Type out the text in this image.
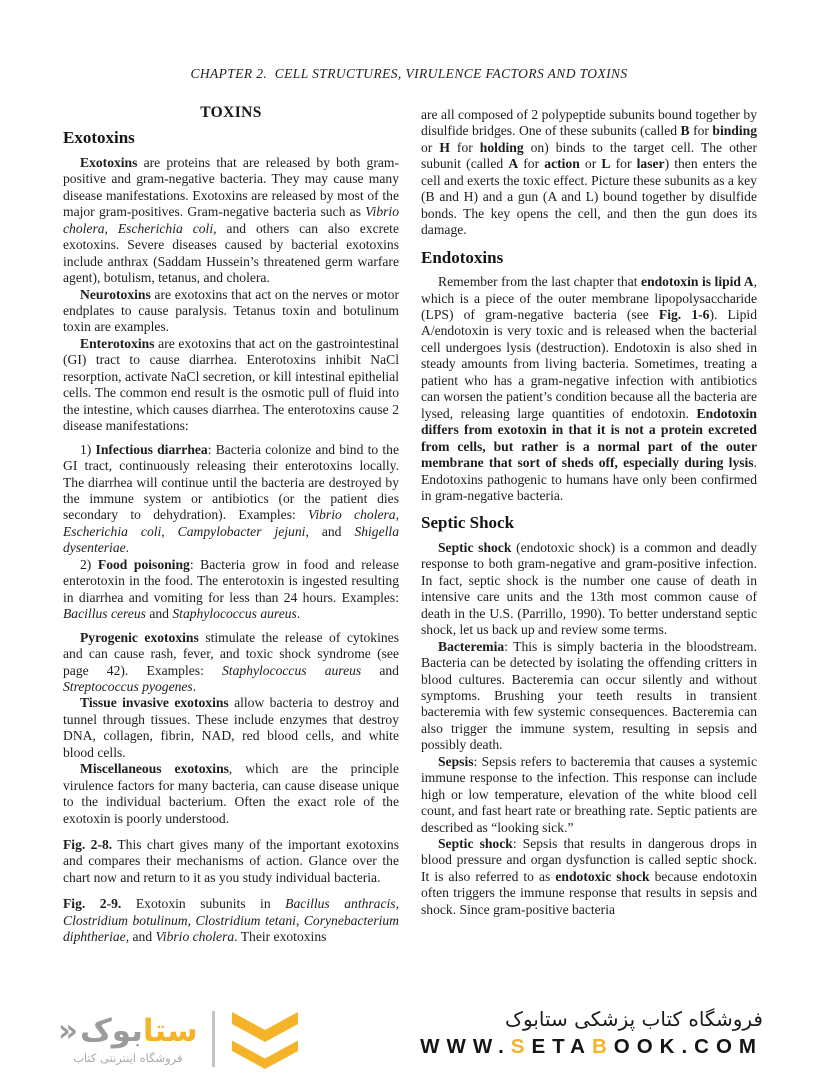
CHAPTER 2.  CELL STRUCTURES, VIRULENCE FACTORS AND TOXINS
TOXINS
Exotoxins

Exotoxins are proteins that are released by both gram-positive and gram-negative bacteria. They may cause many disease manifestations. Exotoxins are released by most of the major gram-positives. Gram-negative bacteria such as Vibrio cholera, Escherichia coli, and others can also excrete exotoxins. Severe diseases caused by bacterial exotoxins include anthrax (Saddam Hussein’s threatened germ warfare agent), botulism, tetanus, and cholera.

Neurotoxins are exotoxins that act on the nerves or motor endplates to cause paralysis. Tetanus toxin and botulinum toxin are examples.

Enterotoxins are exotoxins that act on the gastrointestinal (GI) tract to cause diarrhea. Enterotoxins inhibit NaCl resorption, activate NaCl secretion, or kill intestinal epithelial cells. The common end result is the osmotic pull of fluid into the intestine, which causes diarrhea. The enterotoxins cause 2 disease manifestations:

1) Infectious diarrhea: Bacteria colonize and bind to the GI tract, continuously releasing their enterotoxins locally. The diarrhea will continue until the bacteria are destroyed by the immune system or antibiotics (or the patient dies secondary to dehydration). Examples: Vibrio cholera, Escherichia coli, Campylobacter jejuni, and Shigella dysenteriae.

2) Food poisoning: Bacteria grow in food and release enterotoxin in the food. The enterotoxin is ingested resulting in diarrhea and vomiting for less than 24 hours. Examples: Bacillus cereus and Staphylococcus aureus.

Pyrogenic exotoxins stimulate the release of cytokines and can cause rash, fever, and toxic shock syndrome (see page 42). Examples: Staphylococcus aureus and Streptococcus pyogenes.

Tissue invasive exotoxins allow bacteria to destroy and tunnel through tissues. These include enzymes that destroy DNA, collagen, fibrin, NAD, red blood cells, and white blood cells.

Miscellaneous exotoxins, which are the principle virulence factors for many bacteria, can cause disease unique to the individual bacterium. Often the exact role of the exotoxin is poorly understood.

Fig. 2-8. This chart gives many of the important exotoxins and compares their mechanisms of action. Glance over the chart now and return to it as you study individual bacteria.

Fig. 2-9. Exotoxin subunits in Bacillus anthracis, Clostridium botulinum, Clostridium tetani, Corynebacterium diphtheriae, and Vibrio cholera. Their exotoxins

are all composed of 2 polypeptide subunits bound together by disulfide bridges. One of these subunits (called B for binding or H for holding on) binds to the target cell. The other subunit (called A for action or L for laser) then enters the cell and exerts the toxic effect. Picture these subunits as a key (B and H) and a gun (A and L) bound together by disulfide bonds. The key opens the cell, and then the gun does its damage.

Endotoxins

Remember from the last chapter that endotoxin is lipid A, which is a piece of the outer membrane lipopolysaccharide (LPS) of gram-negative bacteria (see Fig. 1-6). Lipid A/endotoxin is very toxic and is released when the bacterial cell undergoes lysis (destruction). Endotoxin is also shed in steady amounts from living bacteria. Sometimes, treating a patient who has a gram-negative infection with antibiotics can worsen the patient’s condition because all the bacteria are lysed, releasing large quantities of endotoxin. Endotoxin differs from exotoxin in that it is not a protein excreted from cells, but rather is a normal part of the outer membrane that sort of sheds off, especially during lysis. Endotoxins pathogenic to humans have only been confirmed in gram-negative bacteria.

Septic Shock

Septic shock (endotoxic shock) is a common and deadly response to both gram-negative and gram-positive infection. In fact, septic shock is the number one cause of death in intensive care units and the 13th most common cause of death in the U.S. (Parrillo, 1990). To better understand septic shock, let us back up and review some terms.

Bacteremia: This is simply bacteria in the bloodstream. Bacteria can be detected by isolating the offending critters in blood cultures. Bacteremia can occur silently and without symptoms. Brushing your teeth results in transient bacteremia with few systemic consequences. Bacteremia can also trigger the immune system, resulting in sepsis and possibly death.

Sepsis: Sepsis refers to bacteremia that causes a systemic immune response to the infection. This response can include high or low temperature, elevation of the white blood cell count, and fast heart rate or breathing rate. Septic patients are described as “looking sick.”

Septic shock: Sepsis that results in dangerous drops in blood pressure and organ dysfunction is called septic shock. It is also referred to as endotoxic shock because endotoxin often triggers the immune response that results in sepsis and shock. Since gram-positive bacteria

ستابوک«
فروشگاه اینترنتی کتاب
فروشگاه کتاب پزشکی ستابوک
WWW.SETABOOK.COM
